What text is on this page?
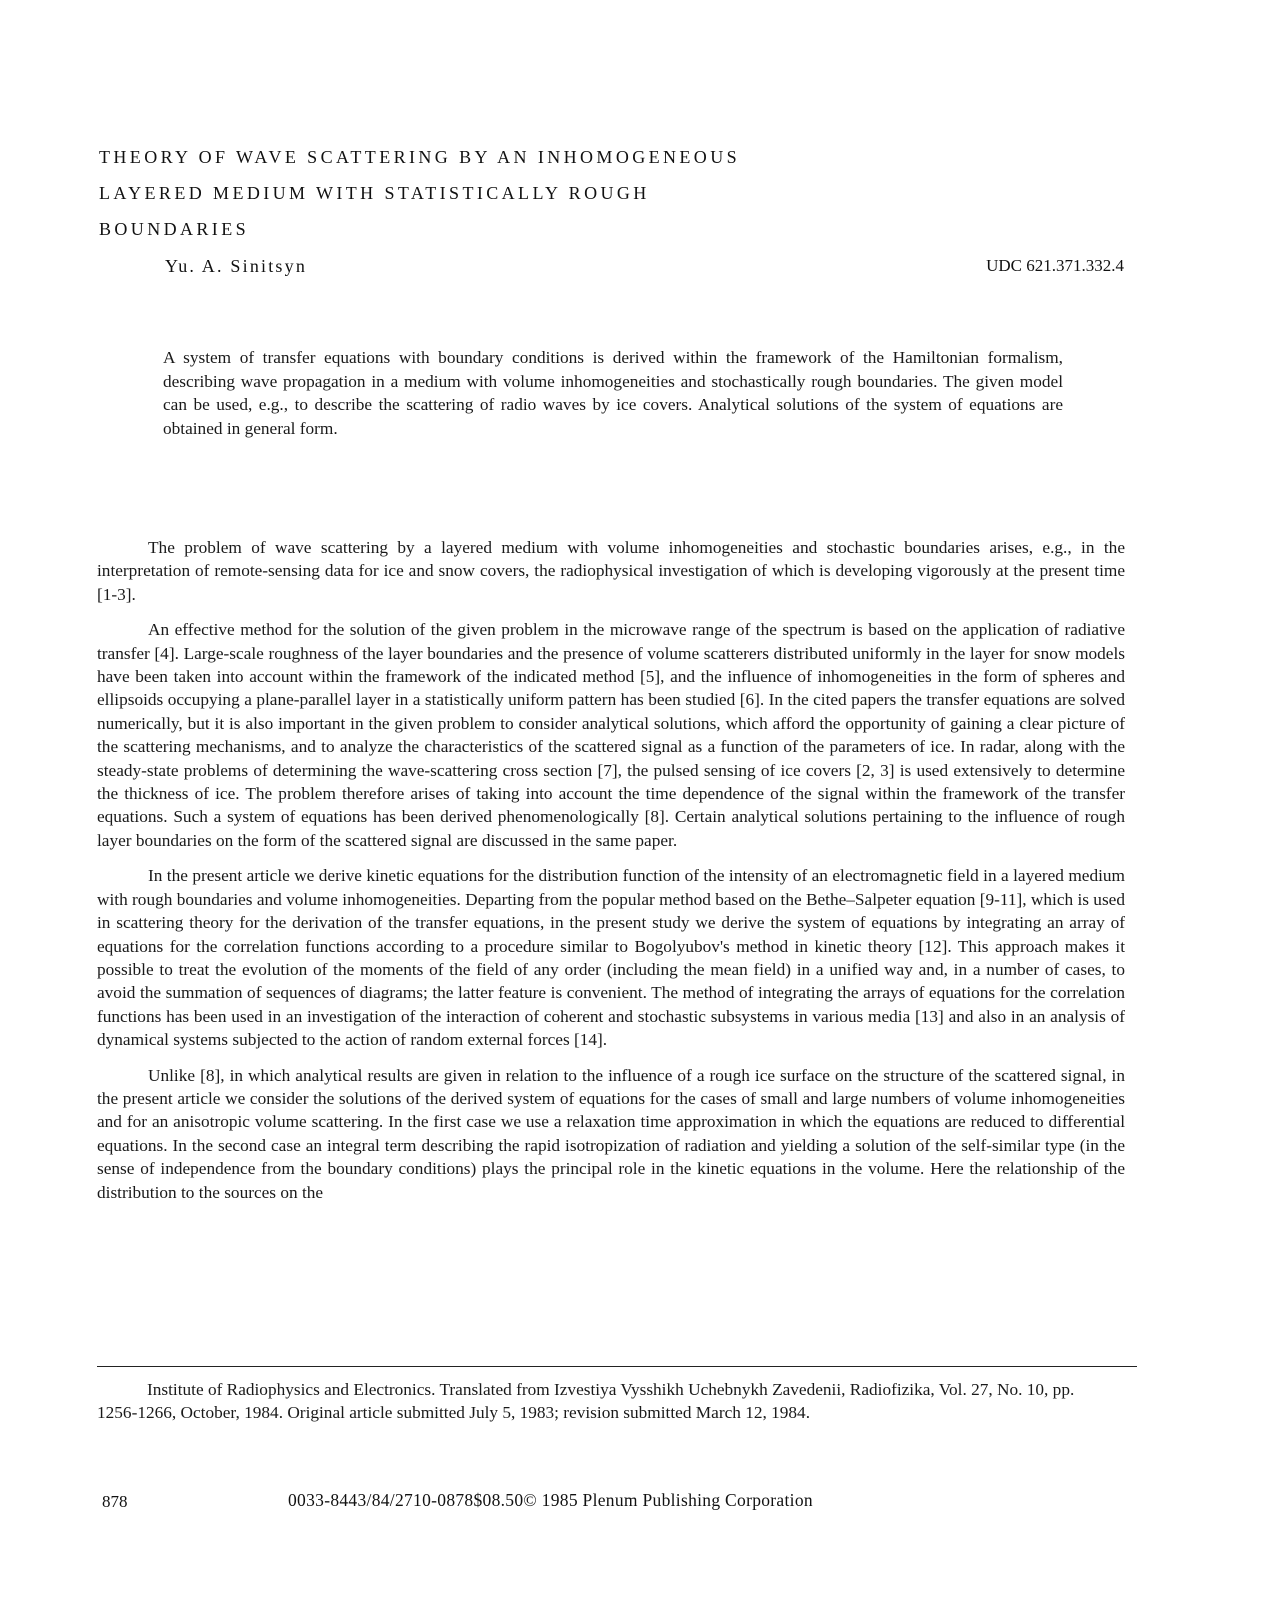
THEORY OF WAVE SCATTERING BY AN INHOMOGENEOUS
LAYERED MEDIUM WITH STATISTICALLY ROUGH
BOUNDARIES
Yu. A. Sinitsyn	UDC 621.371.332.4

A system of transfer equations with boundary conditions is derived within the framework of the Hamiltonian formalism, describing wave propagation in a medium with volume inhomogeneities and stochastically rough boundaries. The given model can be used, e.g., to describe the scattering of radio waves by ice covers. Analytical solutions of the system of equations are obtained in general form.

The problem of wave scattering by a layered medium with volume inhomogeneities and stochastic boundaries arises, e.g., in the interpretation of remote-sensing data for ice and snow covers, the radiophysical investigation of which is developing vigorously at the present time [1-3].

An effective method for the solution of the given problem in the microwave range of the spectrum is based on the application of radiative transfer [4]. Large-scale roughness of the layer boundaries and the presence of volume scatterers distributed uniformly in the layer for snow models have been taken into account within the framework of the indicated method [5], and the influence of inhomogeneities in the form of spheres and ellipsoids occupying a plane-parallel layer in a statistically uniform pattern has been studied [6]. In the cited papers the transfer equations are solved numerically, but it is also important in the given problem to consider analytical solutions, which afford the opportunity of gaining a clear picture of the scattering mechanisms, and to analyze the characteristics of the scattered signal as a function of the parameters of ice. In radar, along with the steady-state problems of determining the wave-scattering cross section [7], the pulsed sensing of ice covers [2, 3] is used extensively to determine the thickness of ice. The problem therefore arises of taking into account the time dependence of the signal within the framework of the transfer equations. Such a system of equations has been derived phenomenologically [8]. Certain analytical solutions pertaining to the influence of rough layer boundaries on the form of the scattered signal are discussed in the same paper.

In the present article we derive kinetic equations for the distribution function of the intensity of an electromagnetic field in a layered medium with rough boundaries and volume inhomogeneities. Departing from the popular method based on the Bethe–Salpeter equation [9-11], which is used in scattering theory for the derivation of the transfer equations, in the present study we derive the system of equations by integrating an array of equations for the correlation functions according to a procedure similar to Bogolyubov's method in kinetic theory [12]. This approach makes it possible to treat the evolution of the moments of the field of any order (including the mean field) in a unified way and, in a number of cases, to avoid the summation of sequences of diagrams; the latter feature is convenient. The method of integrating the arrays of equations for the correlation functions has been used in an investigation of the interaction of coherent and stochastic subsystems in various media [13] and also in an analysis of dynamical systems subjected to the action of random external forces [14].

Unlike [8], in which analytical results are given in relation to the influence of a rough ice surface on the structure of the scattered signal, in the present article we consider the solutions of the derived system of equations for the cases of small and large numbers of volume inhomogeneities and for an anisotropic volume scattering. In the first case we use a relaxation time approximation in which the equations are reduced to differential equations. In the second case an integral term describing the rapid isotropization of radiation and yielding a solution of the self-similar type (in the sense of independence from the boundary conditions) plays the principal role in the kinetic equations in the volume. Here the relationship of the distribution to the sources on the

Institute of Radiophysics and Electronics. Translated from Izvestiya Vysshikh Uchebnykh Zavedenii, Radiofizika, Vol. 27, No. 10, pp. 1256-1266, October, 1984. Original article submitted July 5, 1983; revision submitted March 12, 1984.

878	0033-8443/84/2710-0878$08.50© 1985 Plenum Publishing Corporation
